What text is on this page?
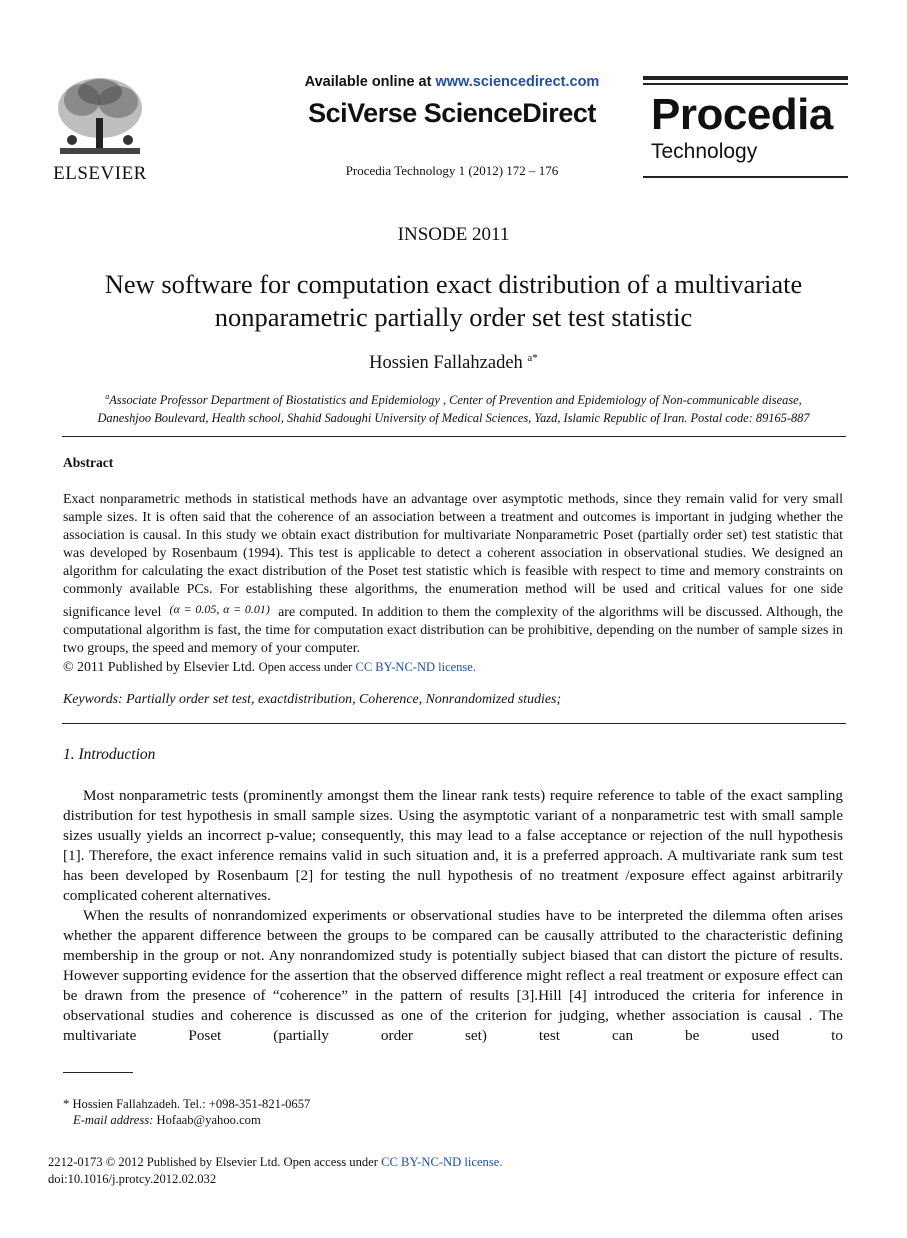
ELSEVIER
Available online at www.sciencedirect.com
SciVerse ScienceDirect
Procedia Technology 1 (2012) 172 – 176
Procedia
Technology
INSODE 2011
New software for computation exact distribution of a multivariate
nonparametric partially order set test statistic
Hossien Fallahzadeh $^{a*}$
$^a$Associate Professor Department of Biostatistics and Epidemiology , Center of Prevention and Epidemiology of Non-communicable disease,
Daneshjoo Boulevard, Health school, Shahid Sadoughi University of Medical Sciences, Yazd, Islamic Republic of Iran. Postal code: 89165-887
Abstract
Exact nonparametric methods in statistical methods have an advantage over asymptotic methods, since they remain valid for very small sample sizes. It is often said that the coherence of an association between a treatment and outcomes is important in judging whether the association is causal. In this study we obtain exact distribution for multivariate Nonparametric Poset (partially order set) test statistic that was developed by Rosenbaum (1994). This test is applicable to detect a coherent association in observational studies. We designed an algorithm for calculating the exact distribution of the Poset test statistic which is feasible with respect to time and memory constraints on commonly available PCs. For establishing these algorithms, the enumeration method will be used and critical values for one side significance level (α = 0.05, α = 0.01) are computed. In addition to them the complexity of the algorithms will be discussed. Although, the computational algorithm is fast, the time for computation exact distribution can be prohibitive, depending on the number of sample sizes in two groups, the speed and memory of your computer.
© 2011 Published by Elsevier Ltd. Open access under CC BY-NC-ND license.
Keywords: Partially order set test, exactdistribution, Coherence, Nonrandomized studies;
1. Introduction

Most nonparametric tests (prominently amongst them the linear rank tests) require reference to table of the exact sampling distribution for test hypothesis in small sample sizes. Using the asymptotic variant of a nonparametric test with small sample sizes usually yields an incorrect p-value; consequently, this may lead to a false acceptance or rejection of the null hypothesis [1]. Therefore, the exact inference remains valid in such situation and, it is a preferred approach. A multivariate rank sum test has been developed by Rosenbaum [2] for testing the null hypothesis of no treatment /exposure effect against arbitrarily complicated coherent alternatives.

When the results of nonrandomized experiments or observational studies have to be interpreted the dilemma often arises whether the apparent difference between the groups to be compared can be causally attributed to the characteristic defining membership in the group or not. Any nonrandomized study is potentially subject biased that can distort the picture of results. However supporting evidence for the assertion that the observed difference might reflect a real treatment or exposure effect can be drawn from the presence of “coherence” in the pattern of results [3].Hill [4] introduced the criteria for inference in observational studies and coherence is discussed as one of the criterion for judging, whether association is causal . The multivariate Poset (partially order set) test can be used to

* Hossien Fallahzadeh. Tel.: +098-351-821-0657
E-mail address: Hofaab@yahoo.com
2212-0173 © 2012 Published by Elsevier Ltd. Open access under CC BY-NC-ND license.
doi:10.1016/j.protcy.2012.02.032
